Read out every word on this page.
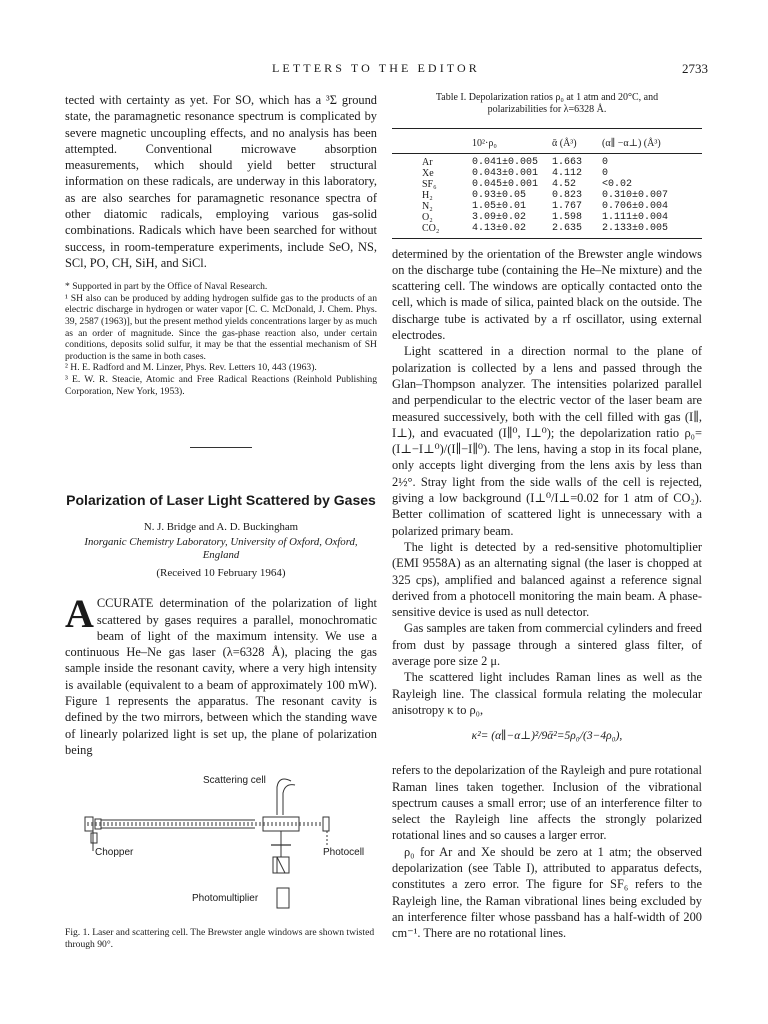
LETTERS TO THE EDITOR	2733

tected with certainty as yet. For SO, which has a ³Σ ground state, the paramagnetic resonance spectrum is complicated by severe magnetic uncoupling effects, and no analysis has been attempted. Conventional microwave absorption measurements, which should yield better structural information on these radicals, are underway in this laboratory, as are also searches for paramagnetic resonance spectra of other diatomic radicals, employing various gas-solid combinations. Radicals which have been searched for without success, in room-temperature experiments, include SeO, NS, SCl, PO, CH, SiH, and SiCl.

* Supported in part by the Office of Naval Research.

¹ SH also can be produced by adding hydrogen sulfide gas to the products of an electric discharge in hydrogen or water vapor [C. C. McDonald, J. Chem. Phys. 39, 2587 (1963)], but the present method yields concentrations larger by as much as an order of magnitude. Since the gas-phase reaction also, under certain conditions, deposits solid sulfur, it may be that the essential mechanism of SH production is the same in both cases.

² H. E. Radford and M. Linzer, Phys. Rev. Letters 10, 443 (1963).

³ E. W. R. Steacie, Atomic and Free Radical Reactions (Reinhold Publishing Corporation, New York, 1953).

Polarization of Laser Light Scattered by Gases
N. J. Bridge and A. D. Buckingham
Inorganic Chemistry Laboratory, University of Oxford, Oxford, England
(Received 10 February 1964)
A CCURATE determination of the polarization of light scattered by gases requires a parallel, monochromatic beam of light of the maximum intensity. We use a continuous He–Ne gas laser (λ=6328 Å), placing the gas sample inside the resonant cavity, where a very high intensity is available (equivalent to a beam of approximately 100 mW). Figure 1 represents the apparatus. The resonant cavity is defined by the two mirrors, between which the standing wave of linearly polarized light is set up, the plane of polarization being

Scattering cell
Chopper	Photocell
Photomultiplier
Fig. 1. Laser and scattering cell. The Brewster angle windows are shown twisted through 90°.

Table I. Depolarization ratios ρ₀ at 1 atm and 20°C, and
polarizabilities for λ=6328 Å.

10²·ρ₀	ᾱ (Å³)	(α∥ −α⊥) (Å³)
Ar	0.041±0.005	1.663	0
Xe	0.043±0.001	4.112	0
SF₆	0.045±0.001	4.52	<0.02
H₂	0.93±0.05	0.823	0.310±0.007
N₂	1.05±0.01	1.767	0.706±0.004
O₂	3.09±0.02	1.598	1.111±0.004
CO₂	4.13±0.02	2.635	2.133±0.005

determined by the orientation of the Brewster angle windows on the discharge tube (containing the He–Ne mixture) and the scattering cell. The windows are optically contacted onto the cell, which is made of silica, painted black on the outside. The discharge tube is activated by a rf oscillator, using external electrodes.

Light scattered in a direction normal to the plane of polarization is collected by a lens and passed through the Glan–Thompson analyzer. The intensities polarized parallel and perpendicular to the electric vector of the laser beam are measured successively, both with the cell filled with gas (I∥, I⊥), and evacuated (I∥⁰, I⊥⁰); the depolarization ratio ρ₀=(I⊥−I⊥⁰)/(I∥−I∥⁰). The lens, having a stop in its focal plane, only accepts light diverging from the lens axis by less than 2½°. Stray light from the side walls of the cell is rejected, giving a low background (I⊥⁰/I⊥=0.02 for 1 atm of CO₂). Better collimation of scattered light is unnecessary with a polarized primary beam.

The light is detected by a red-sensitive photomultiplier (EMI 9558A) as an alternating signal (the laser is chopped at 325 cps), amplified and balanced against a reference signal derived from a photocell monitoring the main beam. A phase-sensitive device is used as null detector.

Gas samples are taken from commercial cylinders and freed from dust by passage through a sintered glass filter, of average pore size 2 μ.

The scattered light includes Raman lines as well as the Rayleigh line. The classical formula relating the molecular anisotropy κ to ρ₀,

κ²= (α∥−α⊥)²/9ᾱ²=5ρ₀/(3−4ρ₀),

refers to the depolarization of the Rayleigh and pure rotational Raman lines taken together. Inclusion of the vibrational spectrum causes a small error; use of an interference filter to select the Rayleigh line affects the strongly polarized rotational lines and so causes a larger error.

ρ₀ for Ar and Xe should be zero at 1 atm; the observed depolarization (see Table I), attributed to apparatus defects, constitutes a zero error. The figure for SF₆ refers to the Rayleigh line, the Raman vibrational lines being excluded by an interference filter whose passband has a half-width of 200 cm⁻¹. There are no rotational lines.
